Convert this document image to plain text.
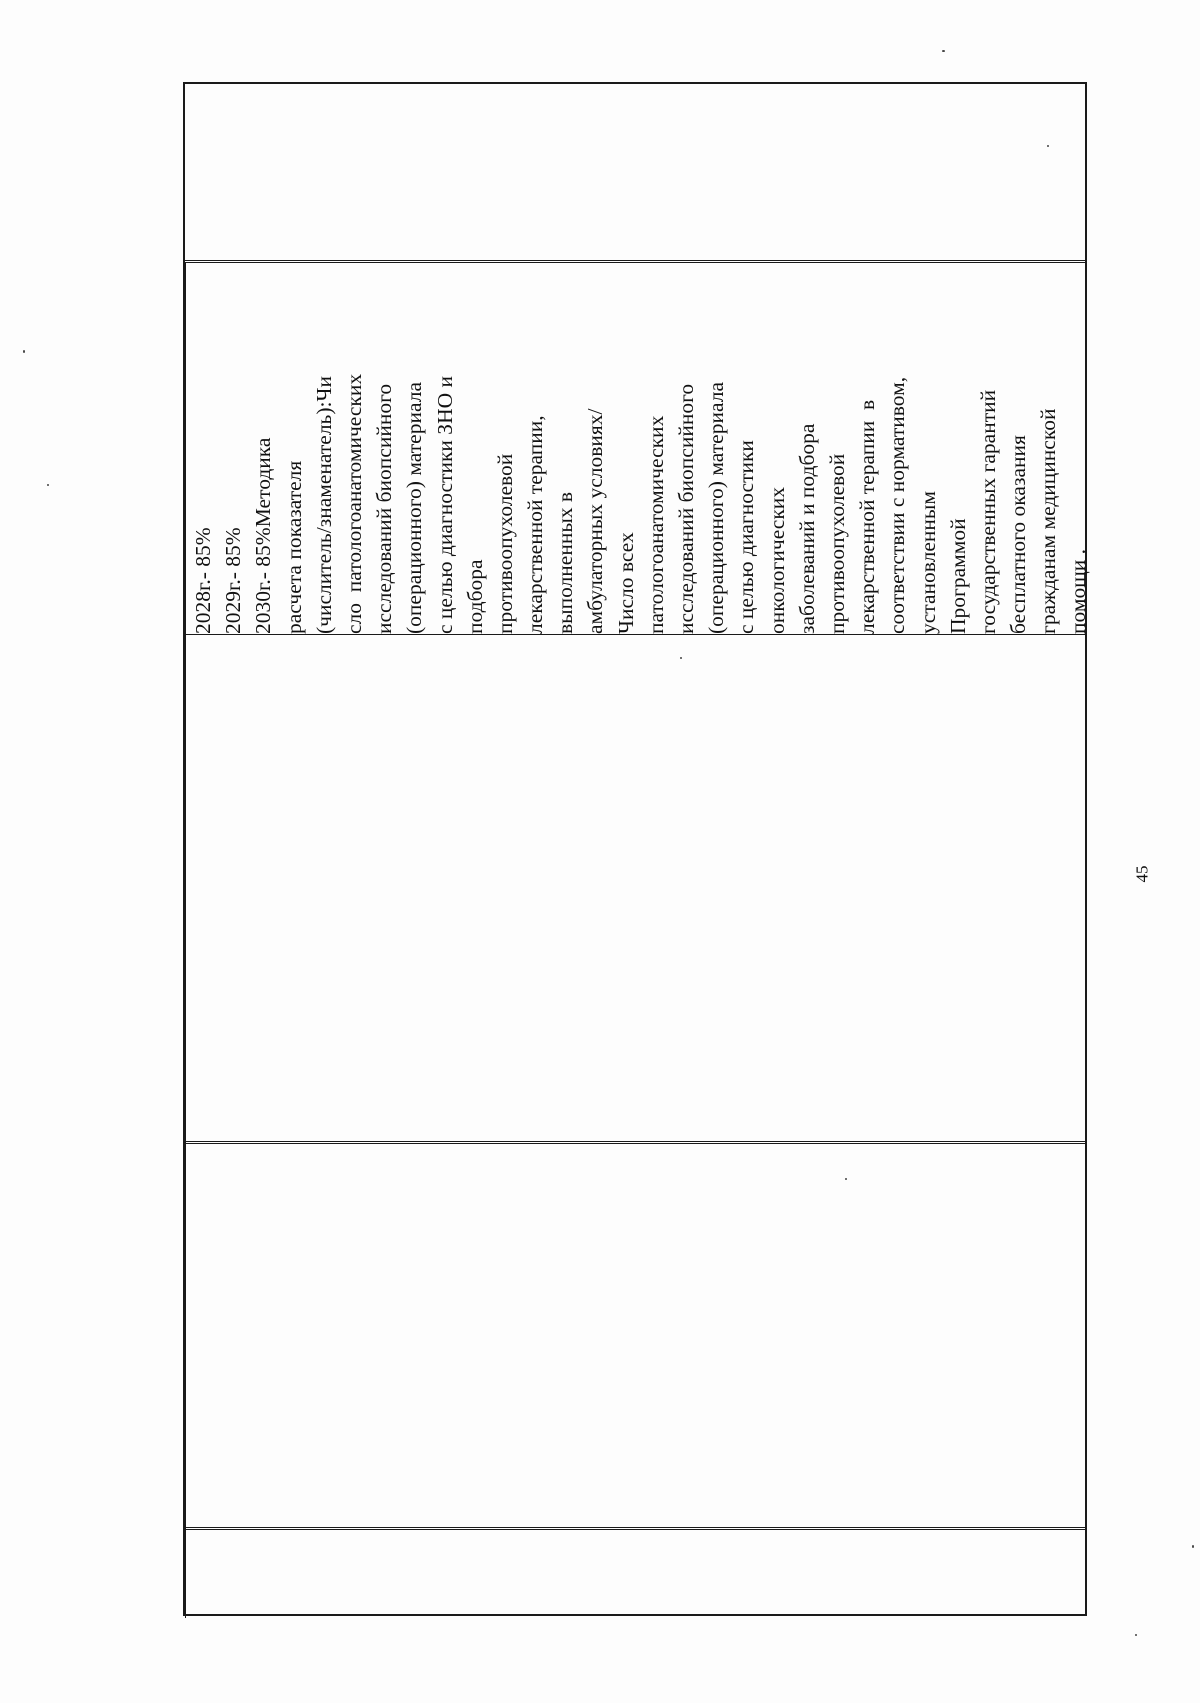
2028г.- 85% 2029г.- 85% 2030г.- 85%Методика расчета показателя (числитель/знаменатель):Чи сло  патологоанатомических исследований биопсийного (операционного) материала с целью диагностики ЗНО и подбора противоопухолевой лекарственной терапии, выполненных в амбулаторных условиях/ Число всех патологоанатомических исследований биопсийного (операционного) материала с целью диагностики онкологических заболеваний и подбора противоопухолевой лекарственной терапии  в соответствии с нормативом, установленным Программой государственных гарантий бесплатного оказания гражданам медицинской помощи .
45
